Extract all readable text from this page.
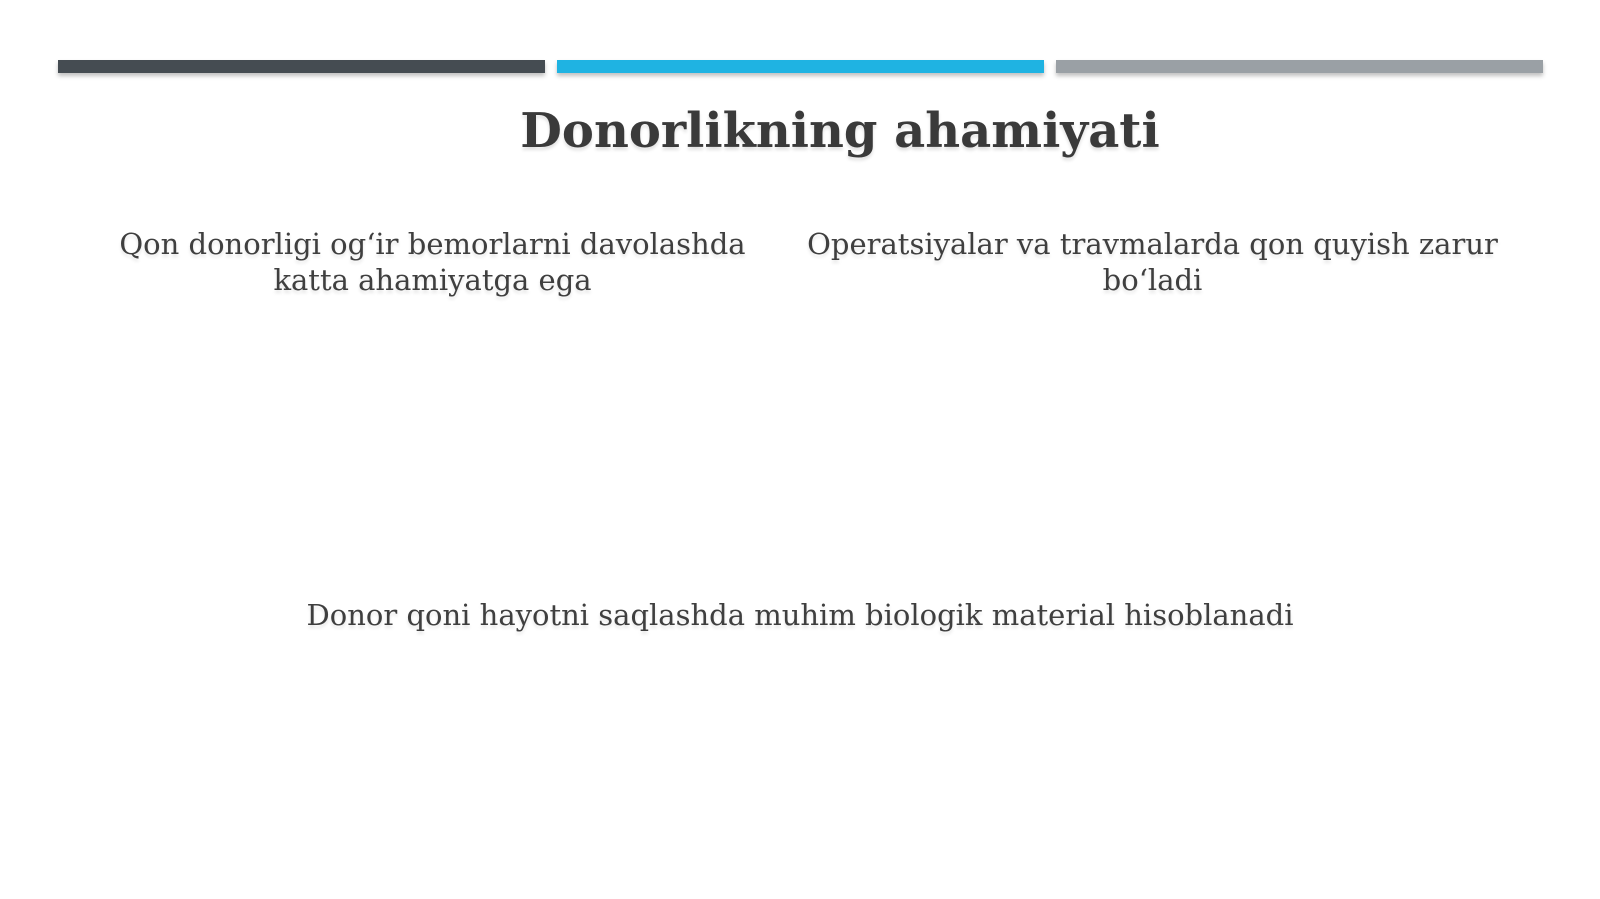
Donorlikning ahamiyati

Qon donorligi og‘ir bemorlarni davolashda katta ahamiyatga ega

Operatsiyalar va travmalarda qon quyish zarur bo‘ladi

Donor qoni hayotni saqlashda muhim biologik material hisoblanadi
